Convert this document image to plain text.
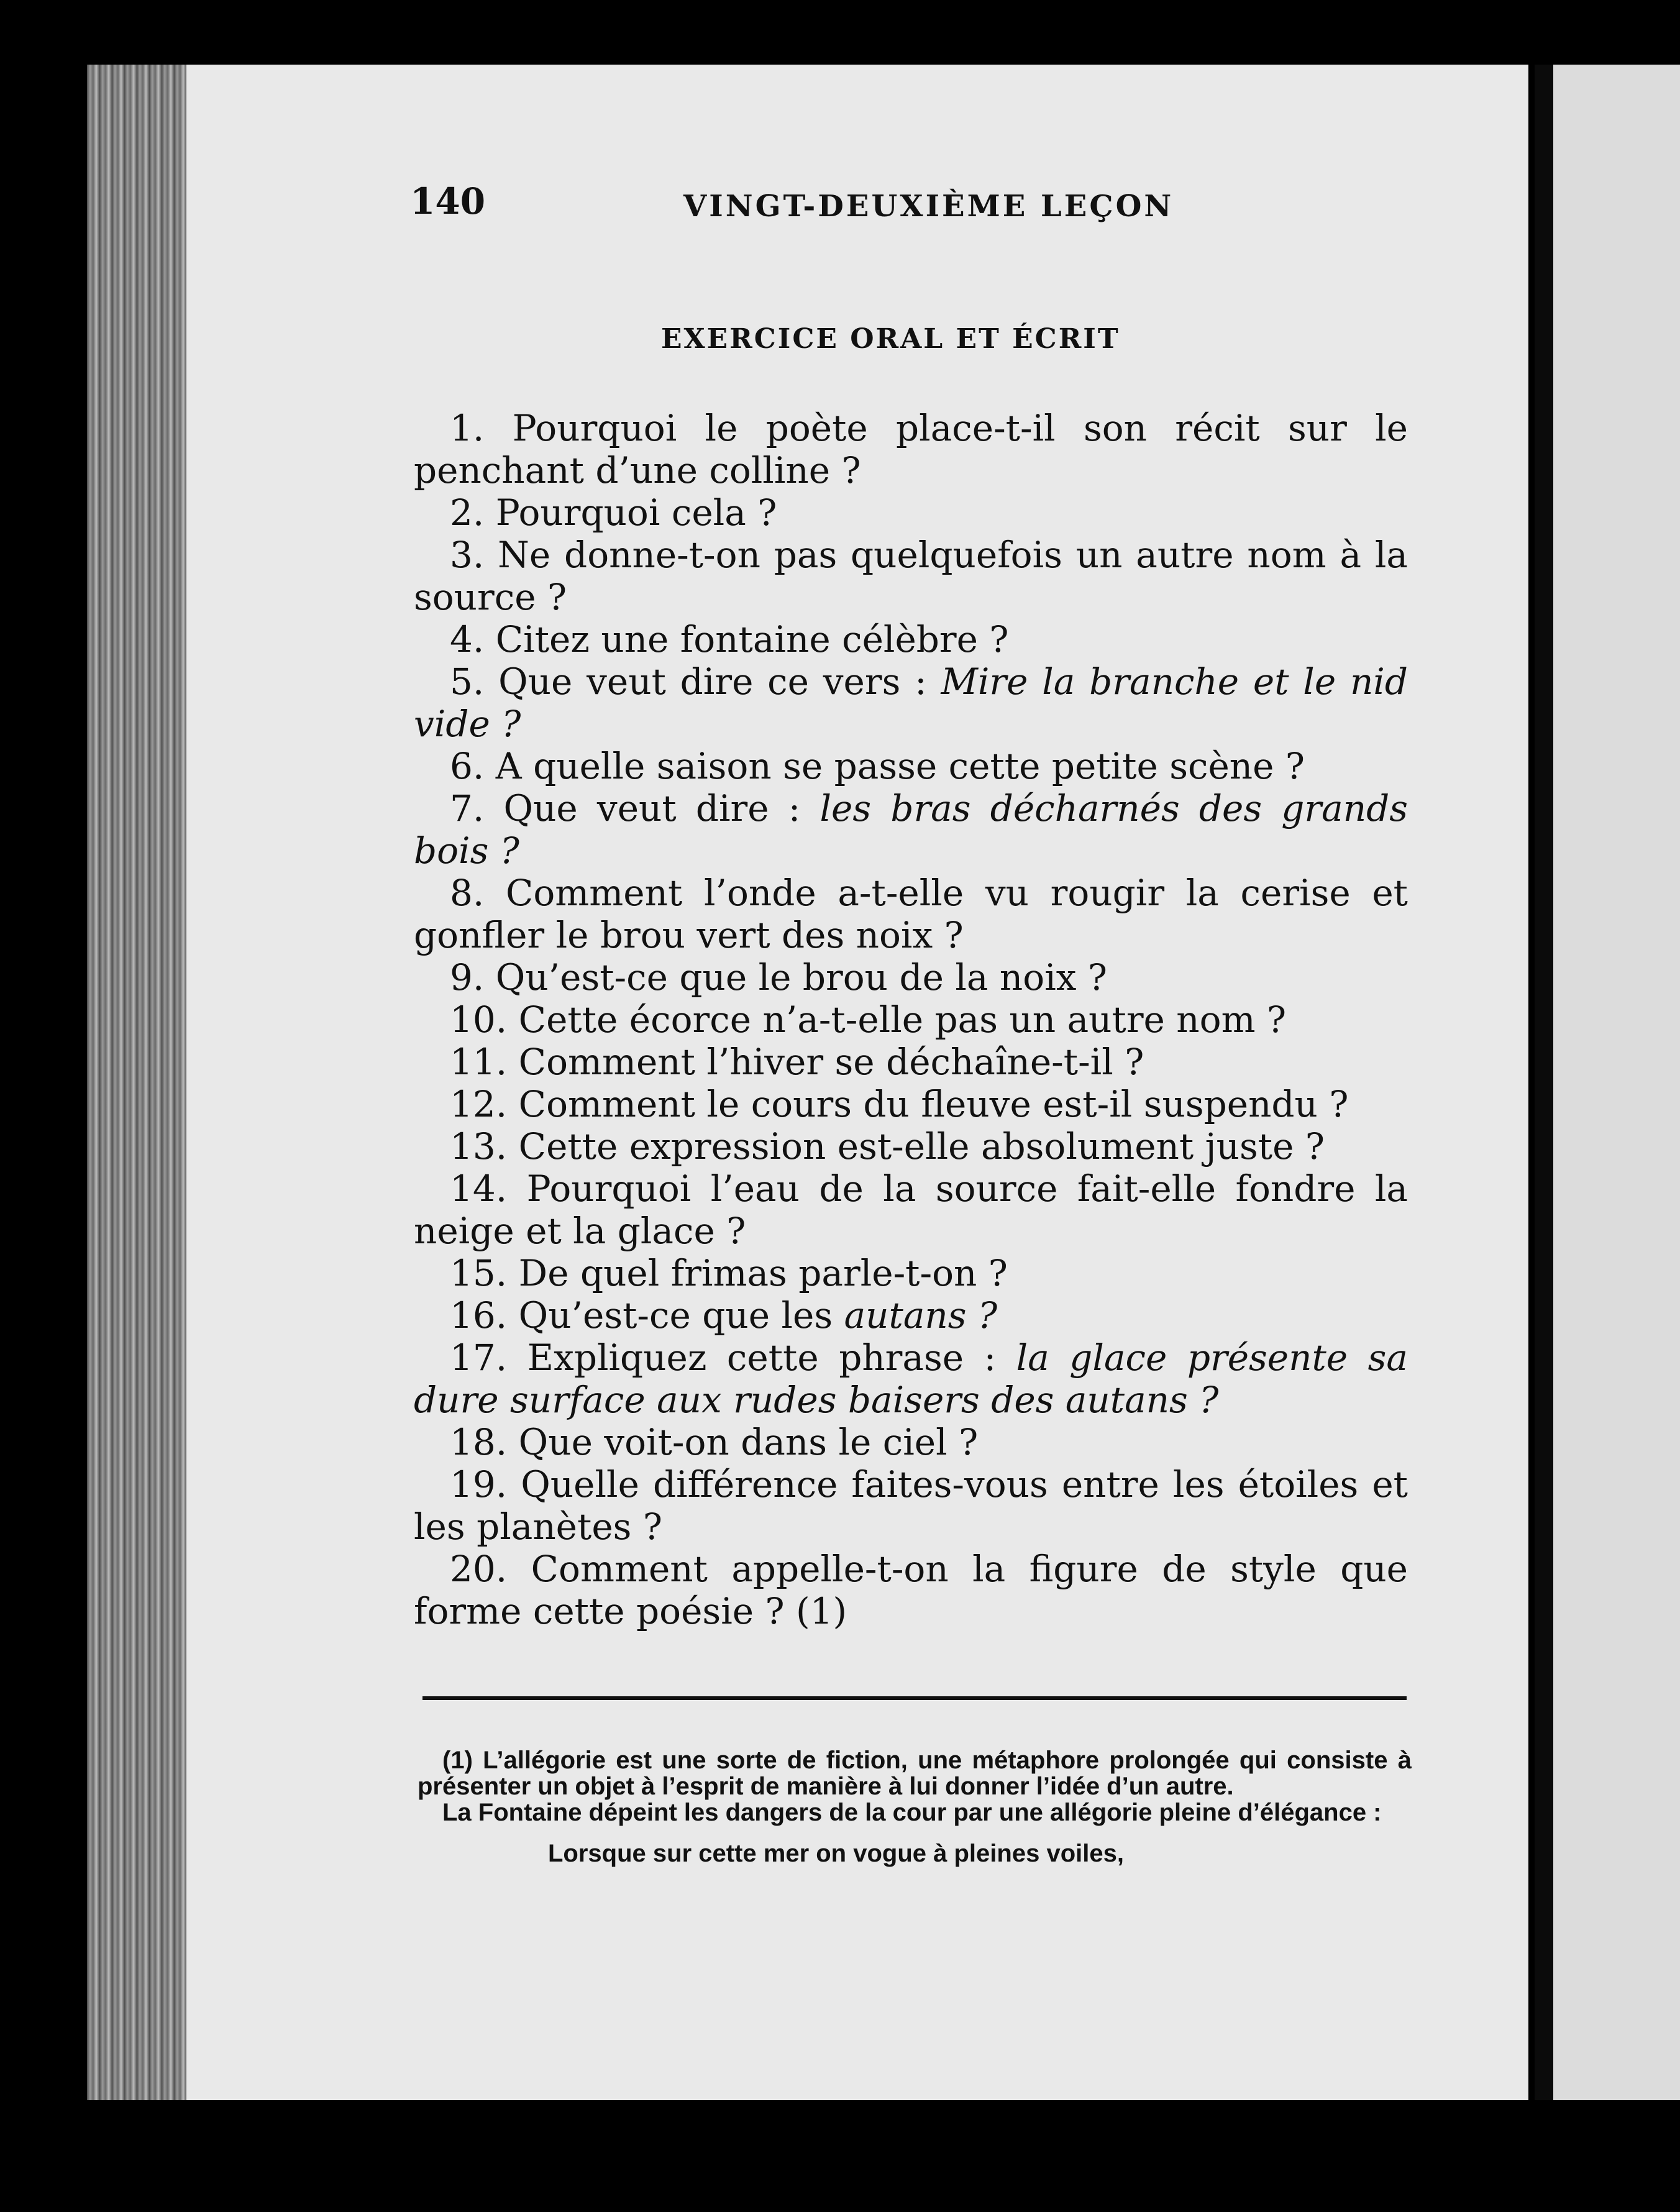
140	VINGT-DEUXIÈME LEÇON
EXERCICE ORAL ET ÉCRIT
1. Pourquoi le poète place-t-il son récit sur le penchant d’une colline ?
2. Pourquoi cela ?
3. Ne donne-t-on pas quelquefois un autre nom à la source ?
4. Citez une fontaine célèbre ?
5. Que veut dire ce vers : Mire la branche et le nid vide ?
6. A quelle saison se passe cette petite scène ?
7. Que veut dire : les bras décharnés des grands bois ?
8. Comment l’onde a-t-elle vu rougir la cerise et gonfler le brou vert des noix ?
9. Qu’est-ce que le brou de la noix ?
10. Cette écorce n’a-t-elle pas un autre nom ?
11. Comment l’hiver se déchaîne-t-il ?
12. Comment le cours du fleuve est-il suspendu ?
13. Cette expression est-elle absolument juste ?
14. Pourquoi l’eau de la source fait-elle fondre la neige et la glace ?
15. De quel frimas parle-t-on ?
16. Qu’est-ce que les autans ?
17. Expliquez cette phrase : la glace présente sa dure surface aux rudes baisers des autans ?
18. Que voit-on dans le ciel ?
19. Quelle différence faites-vous entre les étoiles et les planètes ?
20. Comment appelle-t-on la figure de style que forme cette poésie ? (1)
(1) L’allégorie est une sorte de fiction, une métaphore prolongée qui consiste à présenter un objet à l’esprit de manière à lui donner l’idée d’un autre.
La Fontaine dépeint les dangers de la cour par une allégorie pleine d’élégance :
Lorsque sur cette mer on vogue à pleines voiles,
